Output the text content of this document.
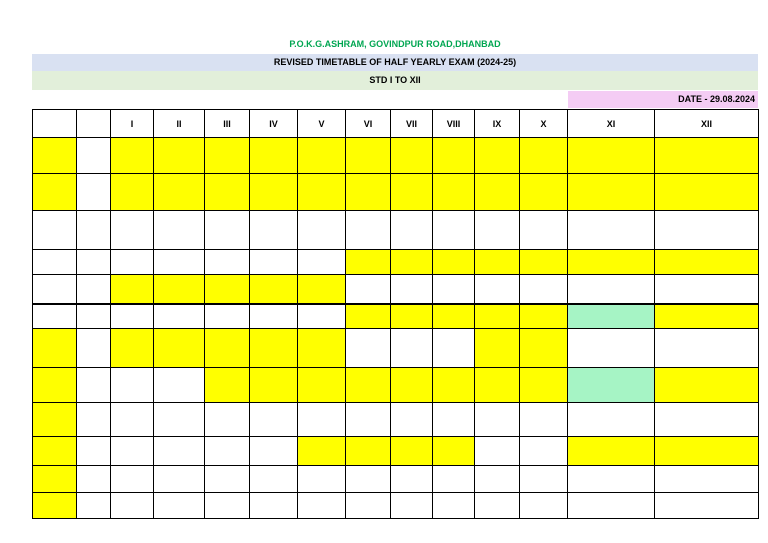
P.O.K.G.ASHRAM, GOVINDPUR ROAD,DHANBAD
REVISED TIMETABLE OF HALF YEARLY EXAM (2024-25)
STD I TO XII
DATE - 29.08.2024
		I	II	III	IV	V	VI	VII	VIII	IX	X	XI	XII
